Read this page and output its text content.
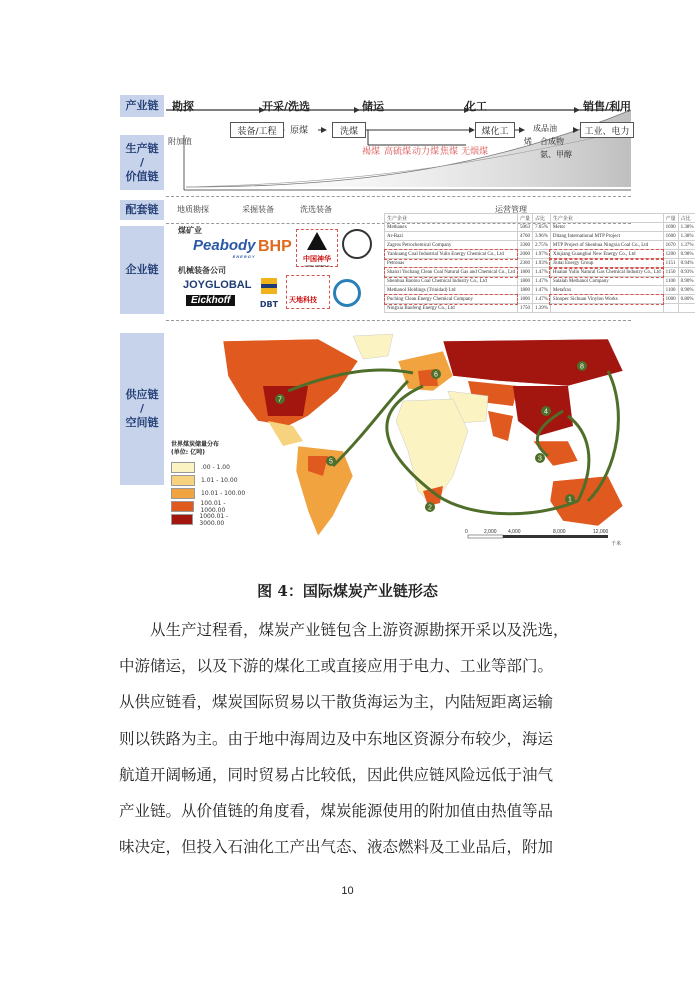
产业链
生产链
/
价值链
配套链
企业链
供应链
/
空间链
勘探	开采/洗选	储运	化工	销售/利用
附加值
装备/工程	原煤	洗煤	煤化工	成品油
烯 合成物
氨、甲醇
工业、电力
褐煤 高硫煤 动力煤 焦煤 无烟煤
地质勘探	采掘装备	洗选装备	运营管理
煤矿业
Peabody
ENERGY
BHP
中国神华
CHINA SHENHUA
机械装备公司
JOYGLOBAL
Eickhoff	DBT 天地科技
生产企业	产量	占比	生产企业	产量	占比
Methanex	5063	7.65%	Metor	1690	1.38%
Ar-Razi	4760	3.96%	Ditang International MTP Project	1600	1.38%
Zagros Petrochemical Company	3300	2.75%	MTP Project of Shenhua Ningxia Coal Co., Ltd	1670	1.37%
Yankuang Coal Industrial Yulin Energy Chemical Co., Ltd	2000	1.97%	Xinjiang Guanghui New Energy Co., Ltd	1200	0.98%
Petronas	2360	1.93%	Jiutai Energy Group	1151	0.94%
Shanxi Yuchang Clean Coal Natural Gas and Chemical Co., Ltd	1800	1.47%	Hualan Yulin Natural Gas Chemical Industry Co., Ltd	1150	0.93%
Shenhua Baotou Coal Chemical Industry Co., Ltd	1800	1.47%	Salalah Methanol Company	1100	0.90%
Methanol Holdings (Trinidad) Ltd	1800	1.47%	Metafrax	1100	0.90%
Puching Clean Energy Chemical Company	1800	1.47%	Sinopec Sichuan Vinylon Works	1000	0.80%
Ningxia Baofeng Energy Co., Ltd	1750	1.39%			
1
2
3
4
5
6
7
8
0	2,000 4,000	8,000	12,000
千米
世界煤炭储量分布
(单位: 亿吨)
.00 - 1.00
1.01 - 10.00
10.01 - 100.00
100.01 - 1000.00
1000.01 - 3000.00
图 4：国际煤炭产业链形态
从生产过程看，煤炭产业链包含上游资源勘探开采以及洗选，
中游储运，以及下游的煤化工或直接应用于电力、工业等部门。
从供应链看，煤炭国际贸易以干散货海运为主，内陆短距离运输
则以铁路为主。由于地中海周边及中东地区资源分布较少，海运
航道开阔畅通，同时贸易占比较低，因此供应链风险远低于油气
产业链。从价值链的角度看，煤炭能源使用的附加值由热值等品
味决定，但投入石油化工产出气态、液态燃料及工业品后，附加
10
